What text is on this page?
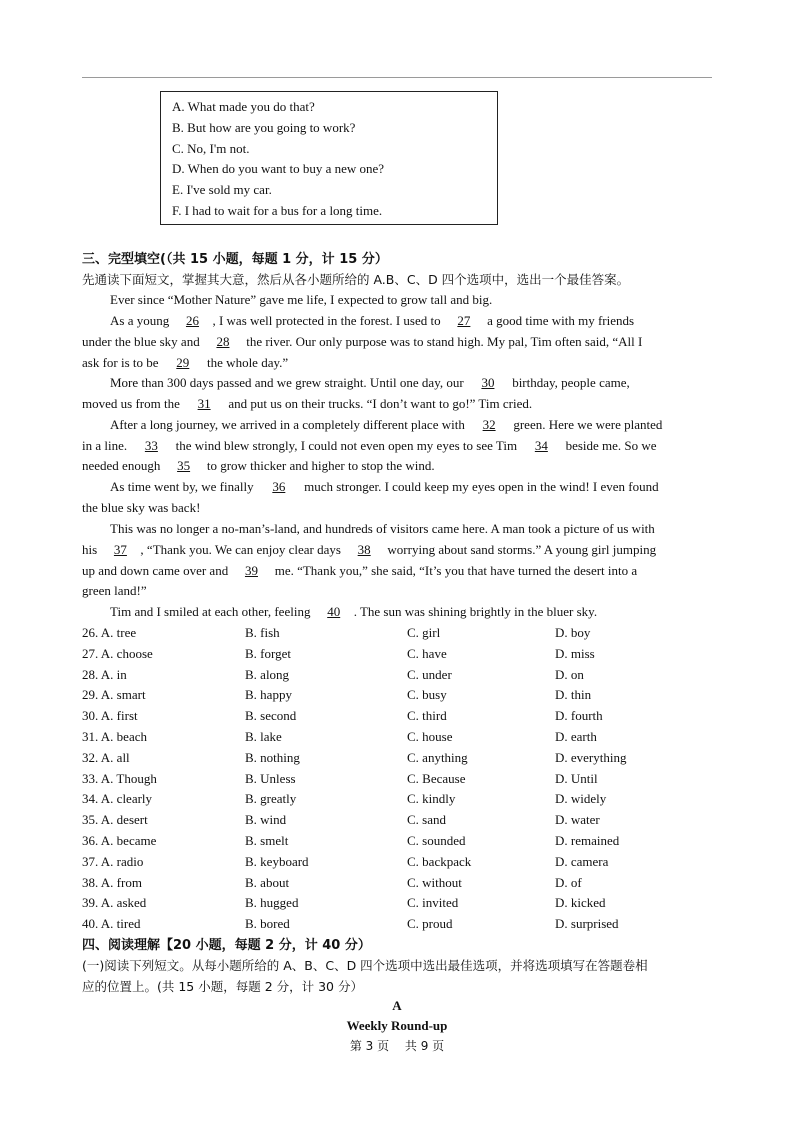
A. What made you do that?
B. But how are you going to work?
C. No, I'm not.
D. When do you want to buy a new one?
E. I've sold my car.
F. I had to wait for a bus for a long time.
三、完型填空(（共 15 小题，每题 1 分，计 15 分）
先通读下面短文，掌握其大意，然后从各小题所给的 A.B、C、D 四个选项中，选出一个最佳答案。
Ever since “Mother Nature” gave me life, I expected to grow tall and big.
As a young 26 , I was well protected in the forest. I used to 27 a good time with my friends
under the blue sky and 28 the river. Our only purpose was to stand high. My pal, Tim often said, “All I
ask for is to be 29 the whole day.”
More than 300 days passed and we grew straight. Until one day, our 30 birthday, people came,
moved us from the 31 and put us on their trucks. “I don’t want to go!” Tim cried.
After a long journey, we arrived in a completely different place with 32 green. Here we were planted
in a line. 33 the wind blew strongly, I could not even open my eyes to see Tim 34 beside me. So we
needed enough 35 to grow thicker and higher to stop the wind.
As time went by, we finally 36 much stronger. I could keep my eyes open in the wind! I even found
the blue sky was back!
This was no longer a no-man’s-land, and hundreds of visitors came here. A man took a picture of us with
his 37 , “Thank you. We can enjoy clear days 38 worrying about sand storms.” A young girl jumping
up and down came over and 39 me. “Thank you,” she said, “It’s you that have turned the desert into a
green land!”
Tim and I smiled at each other, feeling 40 . The sun was shining brightly in the bluer sky.
26. A. tree	B. fish	C. girl	D. boy
27. A. choose	B. forget	C. have	D. miss
28. A. in	B. along	C. under	D. on
29. A. smart	B. happy	C. busy	D. thin
30. A. first	B. second	C. third	D. fourth
31. A. beach	B. lake	C. house	D. earth
32. A. all	B. nothing	C. anything	D. everything
33. A. Though	B. Unless	C. Because	D. Until
34. A. clearly	B. greatly	C. kindly	D. widely
35. A. desert	B. wind	C. sand	D. water
36. A. became	B. smelt	C. sounded	D. remained
37. A. radio	B. keyboard	C. backpack	D. camera
38. A. from	B. about	C. without	D. of
39. A. asked	B. hugged	C. invited	D. kicked
40. A. tired	B. bored	C. proud	D. surprised
四、阅读理解【20 小题，每题 2 分，计 40 分）
(一)阅读下列短文。从每小题所给的 A、B、C、D 四个选项中选出最佳选项，并将选项填写在答题卷相
应的位置上。(共 15 小题，每题 2 分，计 30 分）
A
Weekly Round-up
第 3 页　 共 9 页
